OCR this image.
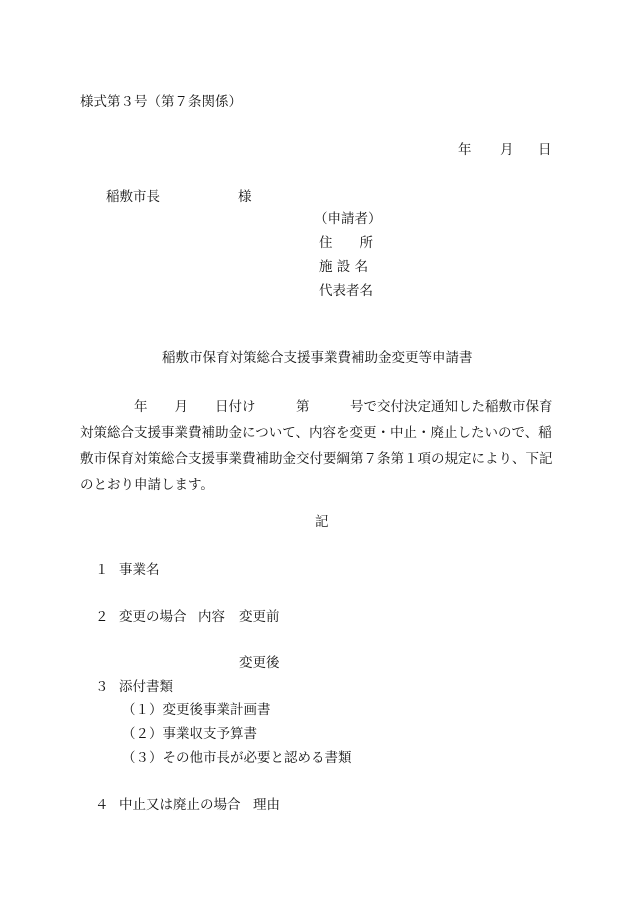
様式第３号（第７条関係）
年 月 日
稲敷市長	様
（申請者）
住　　所
施 設 名
代表者名
稲敷市保育対策総合支援事業費補助金変更等申請書
　　　　年　　月　　日付け　　　第　　　号で交付決定通知した稲敷市保育
対策総合支援事業費補助金について、内容を変更・中止・廃止したいので、稲
敷市保育対策総合支援事業費補助金交付要綱第７条第１項の規定により、下記
のとおり申請します。
記
１ 事業名
２ 変更の場合 内容 変更前
変更後
３ 添付書類
（１）変更後事業計画書
（２）事業収支予算書
（３）その他市長が必要と認める書類
４ 中止又は廃止の場合 理由
